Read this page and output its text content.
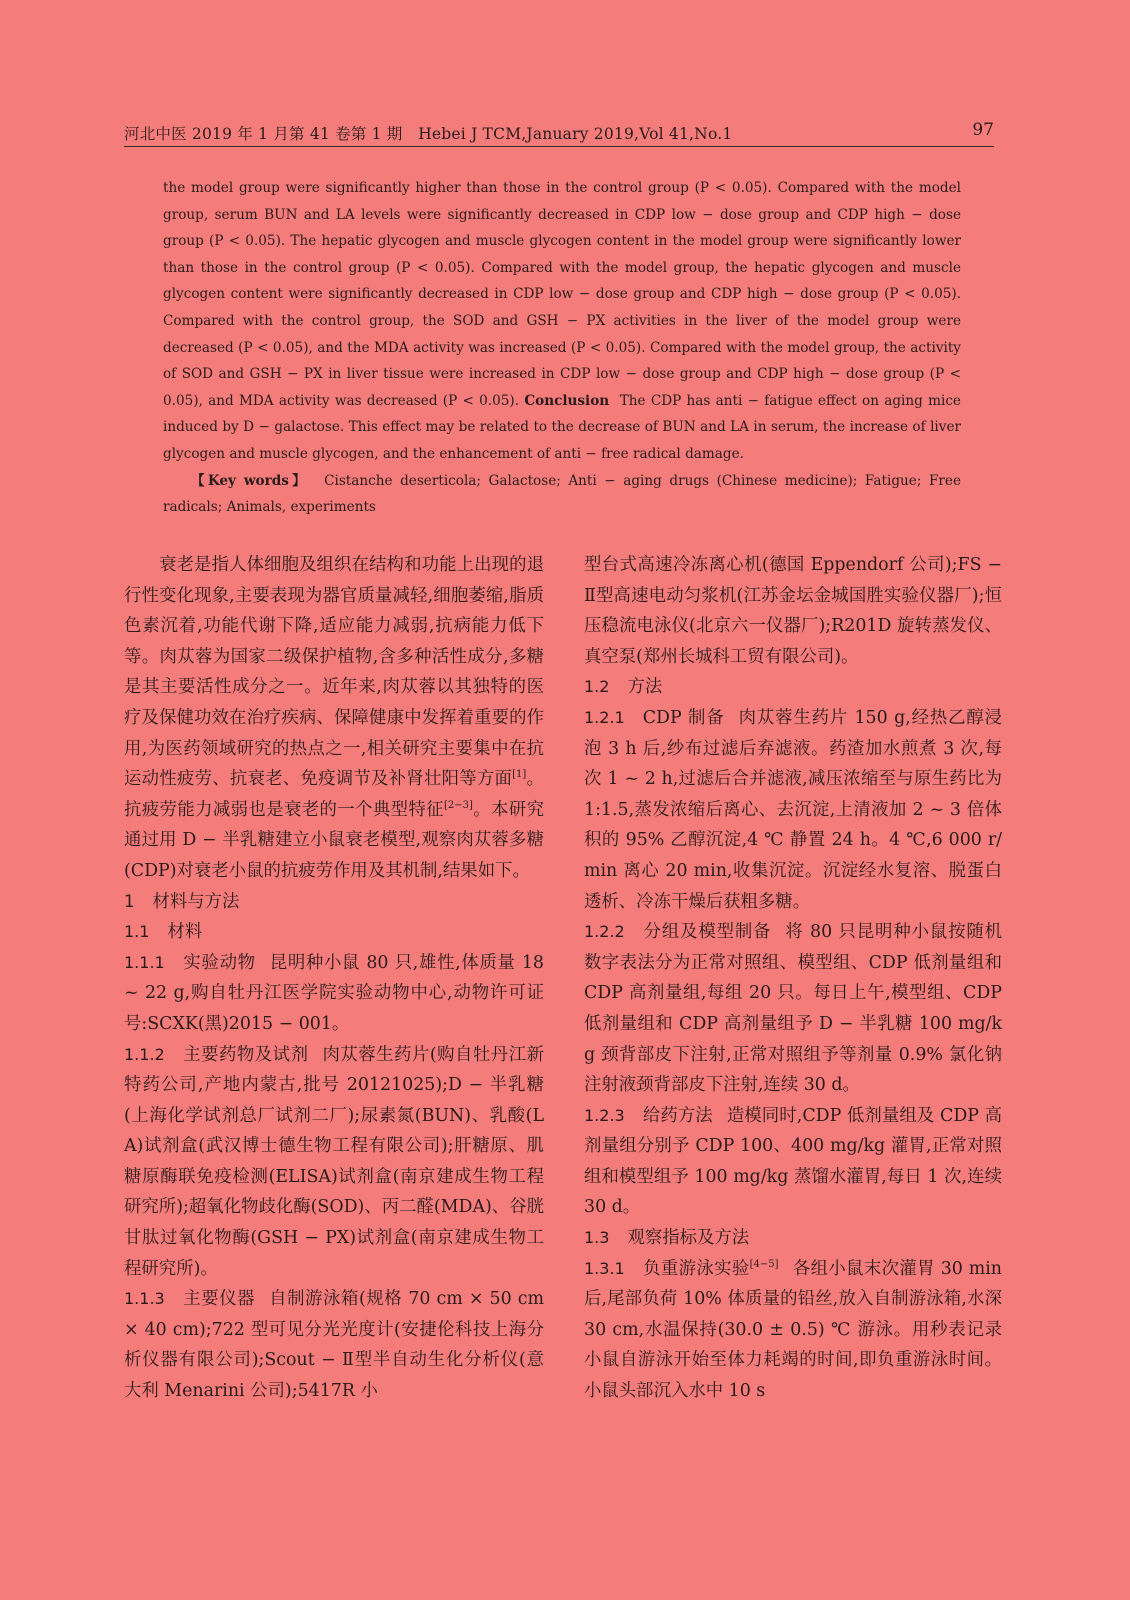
河北中医 2019 年 1 月第 41 卷第 1 期　Hebei J TCM,January 2019,Vol 41,No.1	97

the model group were significantly higher than those in the control group (P < 0.05). Compared with the model group, serum BUN and LA levels were significantly decreased in CDP low − dose group and CDP high − dose group (P < 0.05). The hepatic glycogen and muscle glycogen content in the model group were significantly lower than those in the control group (P < 0.05). Compared with the model group, the hepatic glycogen and muscle glycogen content were significantly decreased in CDP low − dose group and CDP high − dose group (P < 0.05). Compared with the control group, the SOD and GSH − PX activities in the liver of the model group were decreased (P < 0.05), and the MDA activity was increased (P < 0.05). Compared with the model group, the activity of SOD and GSH − PX in liver tissue were increased in CDP low − dose group and CDP high − dose group (P < 0.05), and MDA activity was decreased (P < 0.05). Conclusion The CDP has anti − fatigue effect on aging mice induced by D − galactose. This effect may be related to the decrease of BUN and LA in serum, the increase of liver glycogen and muscle glycogen, and the enhancement of anti − free radical damage.

【Key words】 Cistanche deserticola; Galactose; Anti − aging drugs (Chinese medicine); Fatigue; Free radicals; Animals, experiments

衰老是指人体细胞及组织在结构和功能上出现的退行性变化现象,主要表现为器官质量减轻,细胞萎缩,脂质色素沉着,功能代谢下降,适应能力减弱,抗病能力低下等。肉苁蓉为国家二级保护植物,含多种活性成分,多糖是其主要活性成分之一。近年来,肉苁蓉以其独特的医疗及保健功效在治疗疾病、保障健康中发挥着重要的作用,为医药领域研究的热点之一,相关研究主要集中在抗运动性疲劳、抗衰老、免疫调节及补肾壮阳等方面[1]。抗疲劳能力减弱也是衰老的一个典型特征[2−3]。本研究通过用 D − 半乳糖建立小鼠衰老模型,观察肉苁蓉多糖(CDP)对衰老小鼠的抗疲劳作用及其机制,结果如下。

1 材料与方法

1.1 材料

1.1.1 实验动物 昆明种小鼠 80 只,雄性,体质量 18 ~ 22 g,购自牡丹江医学院实验动物中心,动物许可证号:SCXK(黑)2015 − 001。

1.1.2 主要药物及试剂 肉苁蓉生药片(购自牡丹江新特药公司,产地内蒙古,批号 20121025);D − 半乳糖(上海化学试剂总厂试剂二厂);尿素氮(BUN)、乳酸(LA)试剂盒(武汉博士德生物工程有限公司);肝糖原、肌糖原酶联免疫检测(ELISA)试剂盒(南京建成生物工程研究所);超氧化物歧化酶(SOD)、丙二醛(MDA)、谷胱甘肽过氧化物酶(GSH − PX)试剂盒(南京建成生物工程研究所)。

1.1.3 主要仪器 自制游泳箱(规格 70 cm × 50 cm × 40 cm);722 型可见分光光度计(安捷伦科技上海分析仪器有限公司);Scout − Ⅱ型半自动生化分析仪(意大利 Menarini 公司);5417R 小

型台式高速冷冻离心机(德国 Eppendorf 公司);FS − Ⅱ型高速电动匀浆机(江苏金坛金城国胜实验仪器厂);恒压稳流电泳仪(北京六一仪器厂);R201D 旋转蒸发仪、真空泵(郑州长城科工贸有限公司)。

1.2 方法

1.2.1 CDP 制备 肉苁蓉生药片 150 g,经热乙醇浸泡 3 h 后,纱布过滤后弃滤液。药渣加水煎煮 3 次,每次 1 ~ 2 h,过滤后合并滤液,减压浓缩至与原生药比为 1:1.5,蒸发浓缩后离心、去沉淀,上清液加 2 ~ 3 倍体积的 95% 乙醇沉淀,4 ℃ 静置 24 h。4 ℃,6 000 r/min 离心 20 min,收集沉淀。沉淀经水复溶、脱蛋白透析、冷冻干燥后获粗多糖。

1.2.2 分组及模型制备 将 80 只昆明种小鼠按随机数字表法分为正常对照组、模型组、CDP 低剂量组和 CDP 高剂量组,每组 20 只。每日上午,模型组、CDP 低剂量组和 CDP 高剂量组予 D − 半乳糖 100 mg/kg 颈背部皮下注射,正常对照组予等剂量 0.9% 氯化钠注射液颈背部皮下注射,连续 30 d。

1.2.3 给药方法 造模同时,CDP 低剂量组及 CDP 高剂量组分别予 CDP 100、400 mg/kg 灌胃,正常对照组和模型组予 100 mg/kg 蒸馏水灌胃,每日 1 次,连续 30 d。

1.3 观察指标及方法

1.3.1 负重游泳实验[4−5] 各组小鼠末次灌胃 30 min 后,尾部负荷 10% 体质量的铅丝,放入自制游泳箱,水深 30 cm,水温保持(30.0 ± 0.5) ℃ 游泳。用秒表记录小鼠自游泳开始至体力耗竭的时间,即负重游泳时间。小鼠头部沉入水中 10 s
